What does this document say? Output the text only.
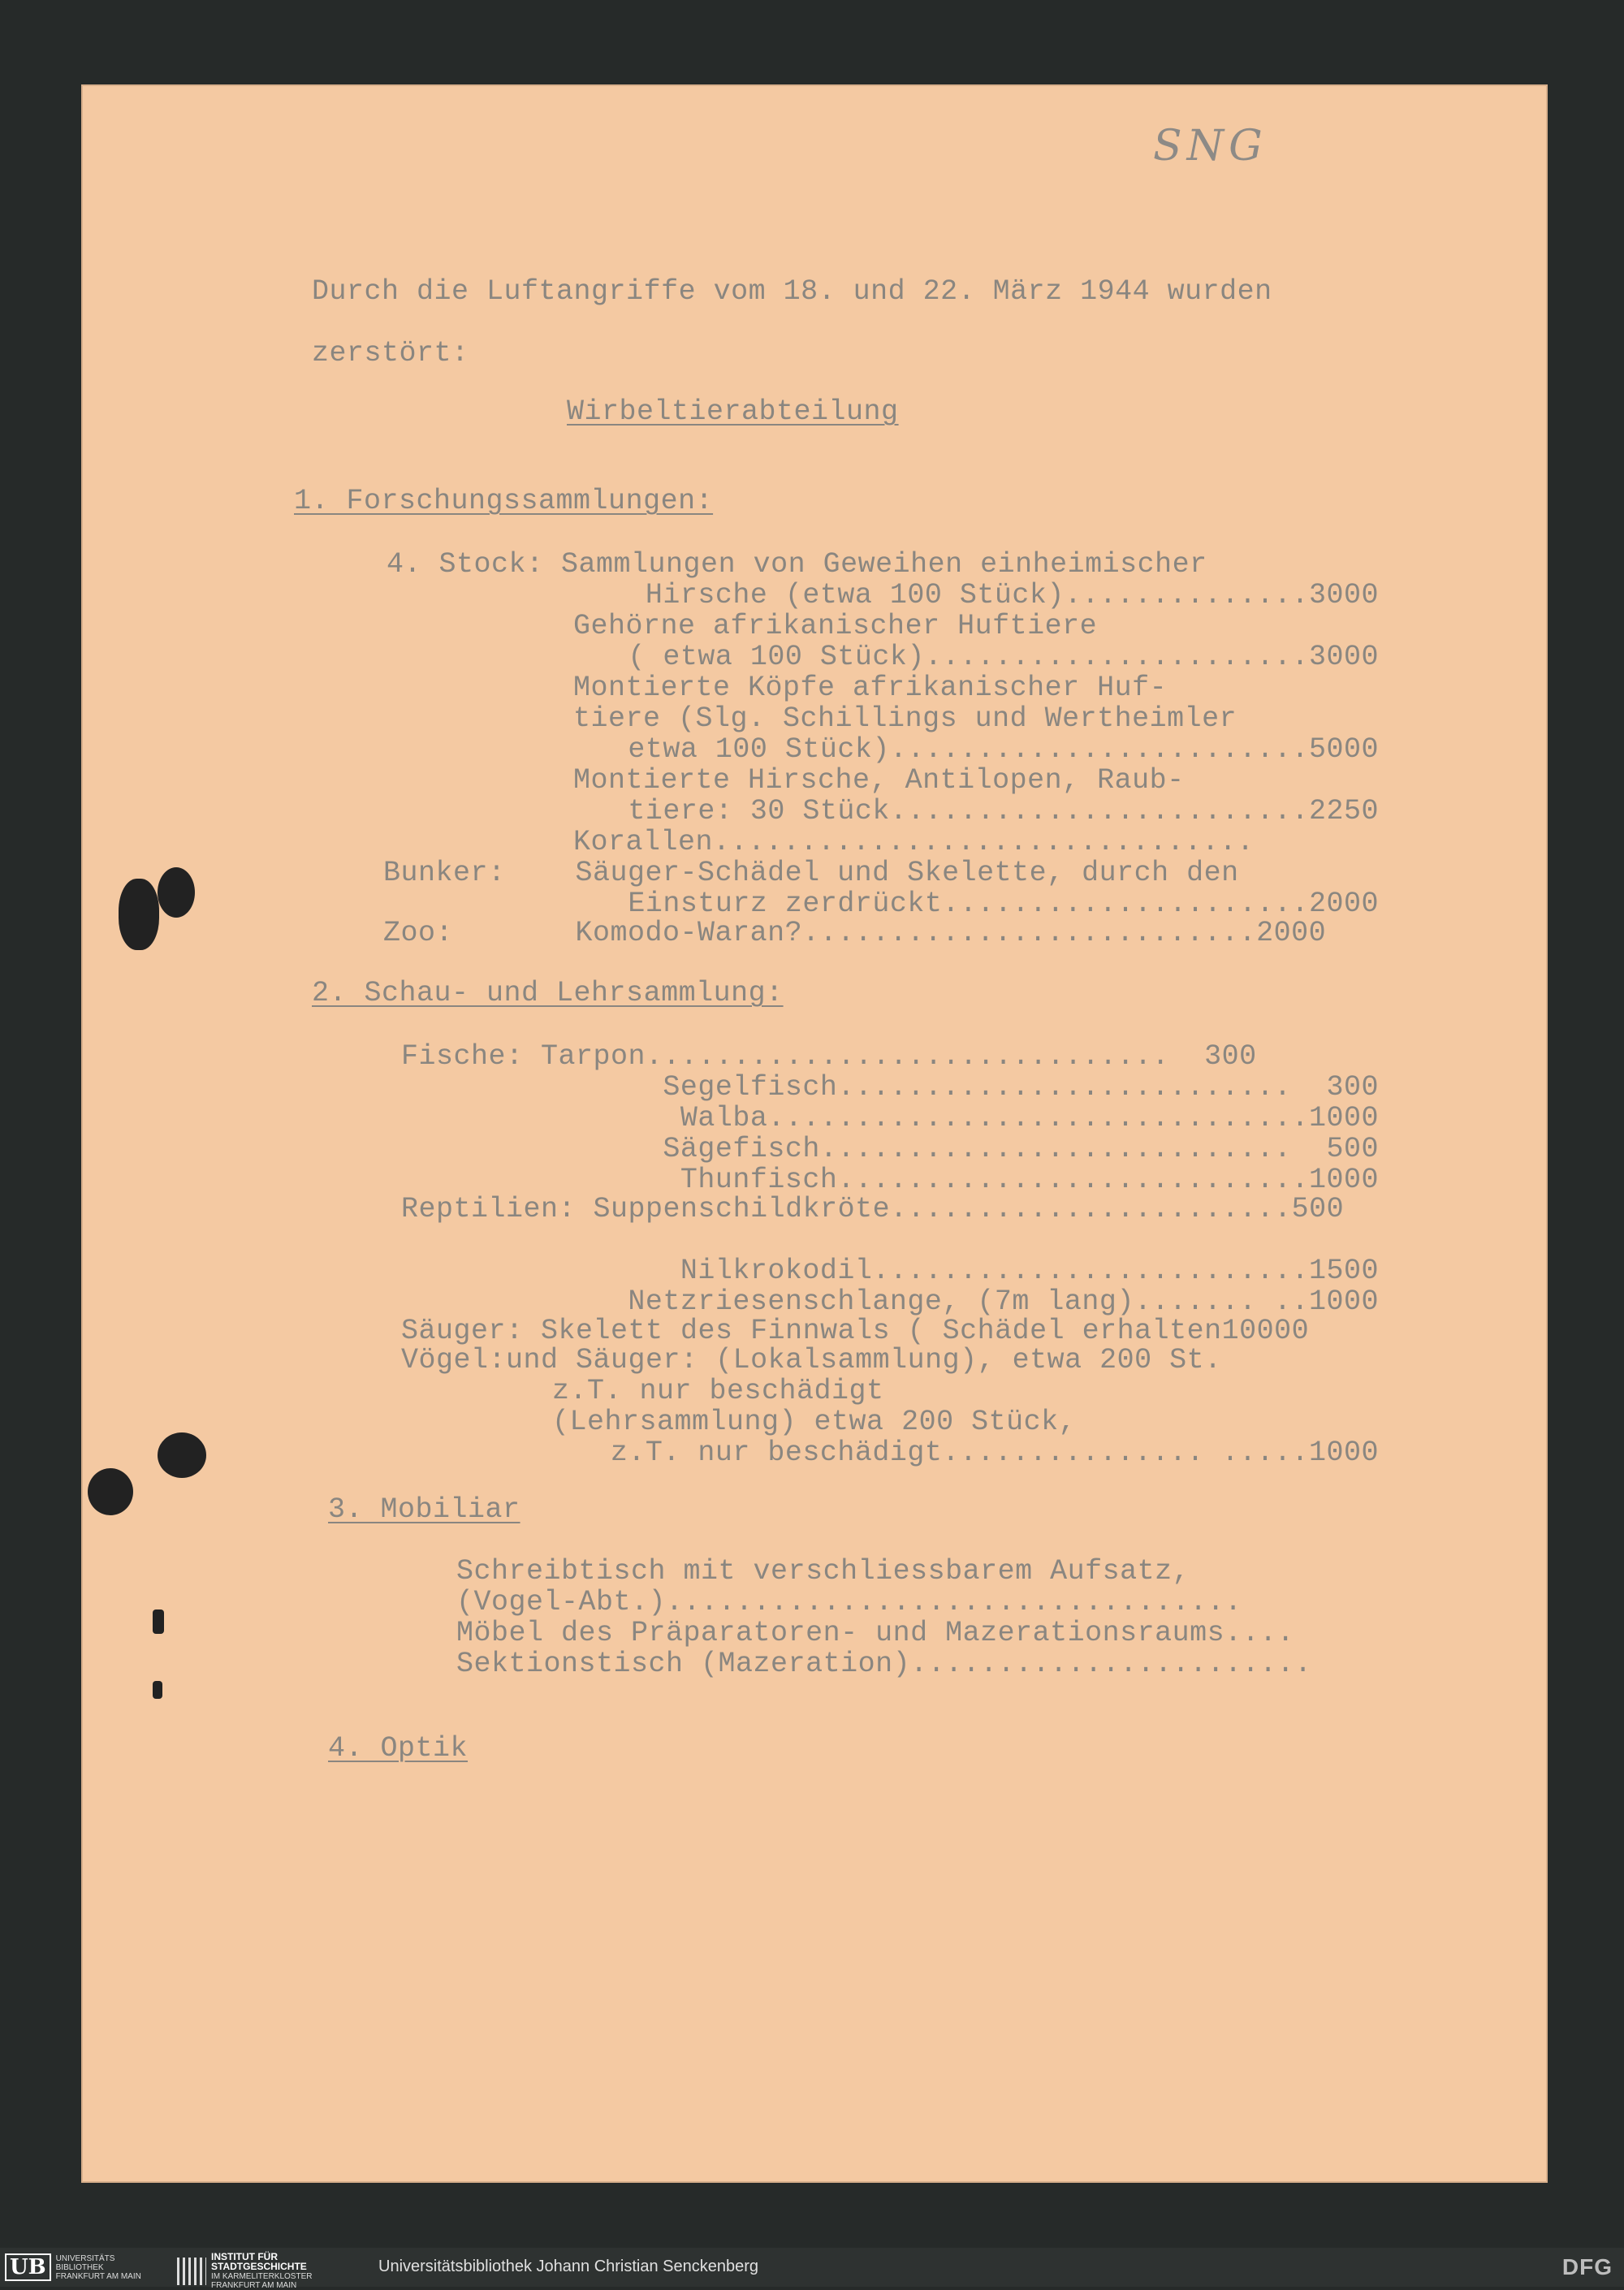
SNG
Durch die Luftangriffe vom 18. und 22. März 1944 wurden
zerstört:
Wirbeltierabteilung
1. Forschungssammlungen:
4. Stock: Sammlungen von Geweihen einheimischer
Hirsche (etwa 100 Stück)..............3000
Gehörne afrikanischer Huftiere
( etwa 100 Stück)......................3000
Montierte Köpfe afrikanischer Huf-
tiere (Slg. Schillings und Wertheimler
etwa 100 Stück)........................5000
Montierte Hirsche, Antilopen, Raub-
tiere: 30 Stück........................2250
Korallen...............................
Bunker:    Säuger-Schädel und Skelette, durch den
Einsturz zerdrückt.....................2000
Zoo:       Komodo-Waran?..........................2000
2. Schau- und Lehrsammlung:
Fische: Tarpon..............................  300
Segelfisch..........................  300
Walba...............................1000
Sägefisch...........................  500
Thunfisch...........................1000
Reptilien: Suppenschildkröte.......................500
Nilkrokodil.........................1500
Netzriesenschlange, (7m lang)....... ..1000
Säuger: Skelett des Finnwals ( Schädel erhalten10000
Vögel:und Säuger: (Lokalsammlung), etwa 200 St.
z.T. nur beschädigt
(Lehrsammlung) etwa 200 Stück,
z.T. nur beschädigt............... .....1000
3. Mobiliar
Schreibtisch mit verschliessbarem Aufsatz,
(Vogel-Abt.).................................
Möbel des Präparatoren- und Mazerationsraums....
Sektionstisch (Mazeration).......................
4. Optik
UB	UNIVERSITÄTS
BIBLIOTHEK
FRANKFURT AM MAIN
INSTITUT FÜR
STADTGESCHICHTE
IM KARMELITERKLOSTER
FRANKFURT AM MAIN
Universitätsbibliothek Johann Christian Senckenberg	DFG
